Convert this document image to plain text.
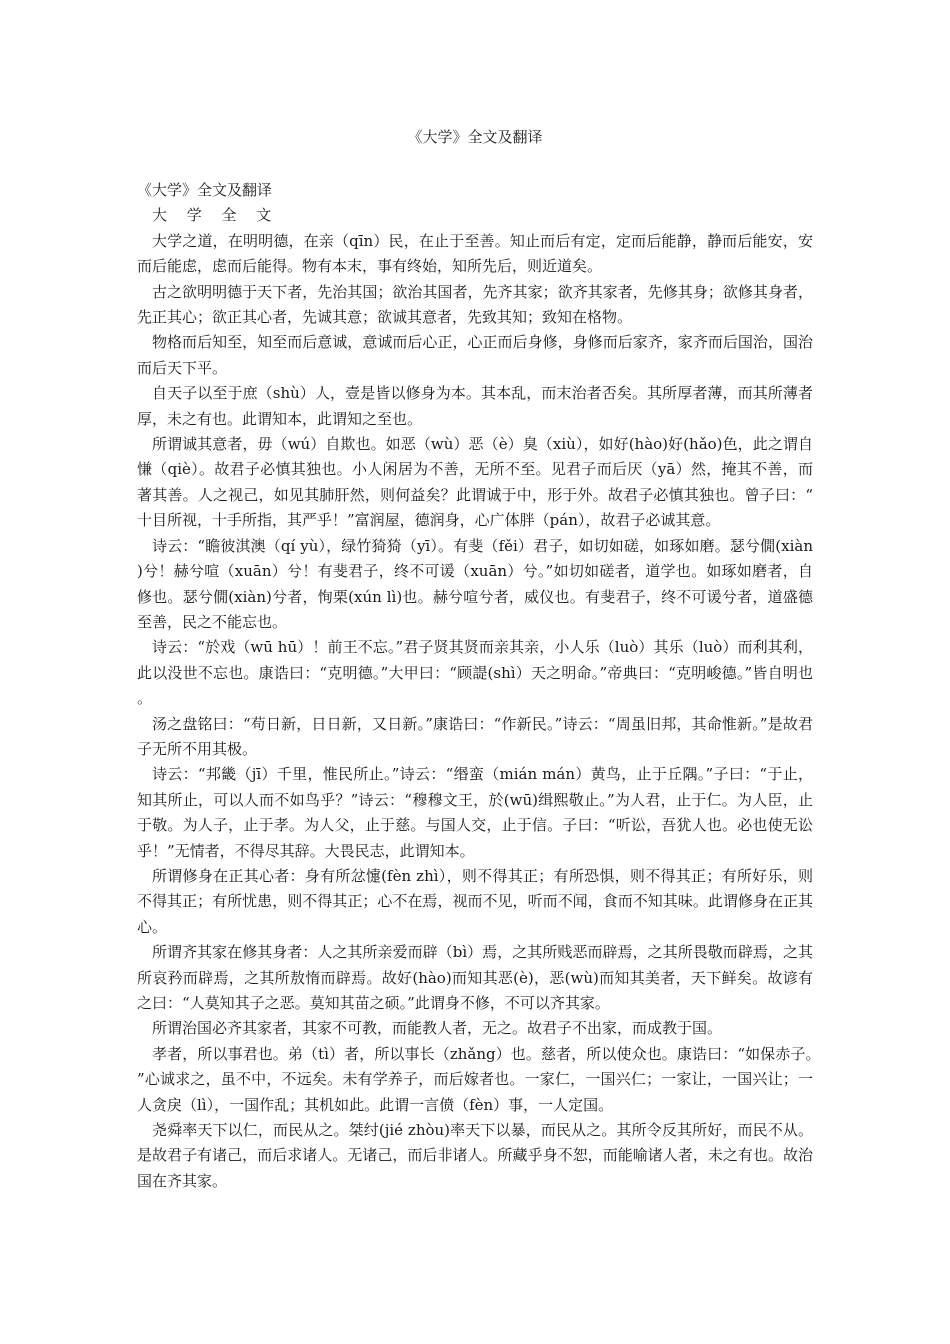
《大学》全文及翻译

《大学》全文及翻译

大 学 全 文

大学之道，在明明德，在亲（qīn）民，在止于至善。知止而后有定，定而后能静，静而后能安，安而后能虑，虑而后能得。物有本末，事有终始，知所先后，则近道矣。

古之欲明明德于天下者，先治其国；欲治其国者，先齐其家；欲齐其家者，先修其身；欲修其身者，先正其心；欲正其心者，先诚其意；欲诚其意者，先致其知；致知在格物。

物格而后知至，知至而后意诚，意诚而后心正，心正而后身修，身修而后家齐，家齐而后国治，国治而后天下平。

自天子以至于庶（shù）人，壹是皆以修身为本。其本乱，而末治者否矣。其所厚者薄，而其所薄者厚，未之有也。此谓知本，此谓知之至也。

所谓诚其意者，毋（wú）自欺也。如恶（wù）恶（è）臭（xiù），如好(hào)好(hǎo)色，此之谓自慊（qiè）。故君子必慎其独也。小人闲居为不善，无所不至。见君子而后厌（yā）然，掩其不善，而著其善。人之视己，如见其肺肝然，则何益矣？此谓诚于中，形于外。故君子必慎其独也。曾子曰：“十目所视，十手所指，其严乎！”富润屋，德润身，心广体胖（pán），故君子必诚其意。

诗云：“瞻彼淇澳（qí yù），绿竹猗猗（yī）。有斐（fěi）君子，如切如磋，如琢如磨。瑟兮僩(xiàn)兮！赫兮喧（xuān）兮！有斐君子，终不可谖（xuān）兮。”如切如磋者，道学也。如琢如磨者，自修也。瑟兮僩(xiàn)兮者，恂栗(xún lì)也。赫兮喧兮者，威仪也。有斐君子，终不可谖兮者，道盛德至善，民之不能忘也。

诗云：“於戏（wū hū）！前王不忘。”君子贤其贤而亲其亲，小人乐（luò）其乐（luò）而利其利，此以没世不忘也。康诰曰：“克明德。”大甲曰：“顾諟(shì）天之明命。”帝典曰：“克明峻德。”皆自明也。

汤之盘铭曰：“苟日新，日日新，又日新。”康诰曰：“作新民。”诗云：“周虽旧邦，其命惟新。”是故君子无所不用其极。

诗云：“邦畿（jī）千里，惟民所止。”诗云：“缗蛮（mián mán）黄鸟，止于丘隅。”子曰：“于止，知其所止，可以人而不如鸟乎？”诗云：“穆穆文王，於(wū)缉熙敬止。”为人君，止于仁。为人臣，止于敬。为人子，止于孝。为人父，止于慈。与国人交，止于信。子曰：“听讼，吾犹人也。必也使无讼乎！”无情者，不得尽其辞。大畏民志，此谓知本。

所谓修身在正其心者：身有所忿懥(fèn zhì），则不得其正；有所恐惧，则不得其正；有所好乐，则不得其正；有所忧患，则不得其正；心不在焉，视而不见，听而不闻，食而不知其味。此谓修身在正其心。

所谓齐其家在修其身者：人之其所亲爱而辟（bì）焉，之其所贱恶而辟焉，之其所畏敬而辟焉，之其所哀矜而辟焉，之其所敖惰而辟焉。故好(hào)而知其恶(è)，恶(wù)而知其美者，天下鲜矣。故谚有之曰：“人莫知其子之恶。莫知其苗之硕。”此谓身不修，不可以齐其家。

所谓治国必齐其家者，其家不可教，而能教人者，无之。故君子不出家，而成教于国。

孝者，所以事君也。弟（tì）者，所以事长（zhǎng）也。慈者，所以使众也。康诰曰：“如保赤子。”心诚求之，虽不中，不远矣。未有学养子，而后嫁者也。一家仁，一国兴仁；一家让，一国兴让；一人贪戾（lì），一国作乱；其机如此。此谓一言偾（fèn）事，一人定国。

尧舜率天下以仁，而民从之。桀纣(jié zhòu)率天下以暴，而民从之。其所令反其所好，而民不从。是故君子有诸己，而后求诸人。无诸己，而后非诸人。所藏乎身不恕，而能喻诸人者，未之有也。故治国在齐其家。
